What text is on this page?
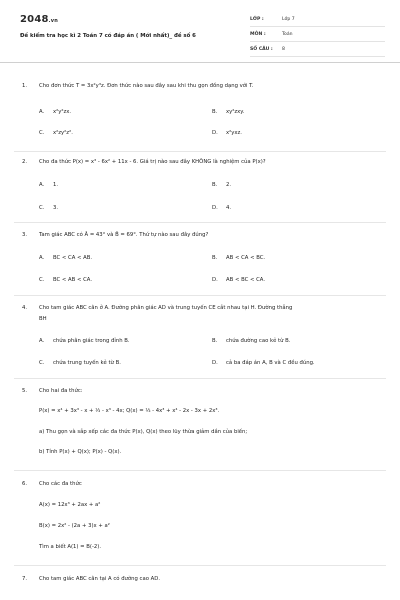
2048.vn
Đề kiểm tra học kì 2 Toán 7 có đáp án ( Mới nhất)_ đề số 6
LỚP :	Lớp 7
MÔN :	Toán
SỐ CÂU :	8
1. Cho đơn thức T = 3x²y³z. Đơn thức nào sau đây sau khi thu gọn đồng dạng với T.
A. x²y²zx.	B. xy²zxy.
C. x²zy²z².	D. x²yxz.
2. Cho đa thức P(x) = x³ - 6x² + 11x - 6. Giá trị nào sau đây KHÔNG là nghiệm của P(x)?
A. 1.	B. 2.
C. 3.	D. 4.
3. Tam giác ABC có Â = 43° và B̂ = 69°. Thứ tự nào sau đây đúng?
A. BC < CA < AB.	B. AB < CA < BC.
C. BC < AB < CA.	D. AB < BC < CA.
4. Cho tam giác ABC cân ở A. Đường phân giác AD và trung tuyến CE cắt nhau tại H. Đường thẳng
BH
A. chứa phân giác trong đỉnh B.	B. chứa đường cao kẻ từ B.
C. chứa trung tuyến kẻ từ B.	D. cả ba đáp án A, B và C đều đúng.
5. Cho hai đa thức:
P(x) = x⁴ + 3x³ - x + ⅓ - x³ - 4x; Q(x) = ⅓ - 4x³ + x⁴ - 2x - 3x + 2x³.
a) Thu gọn và sắp xếp các đa thức P(x), Q(x) theo lũy thừa giảm dần của biến;
b) Tính P(x) + Q(x); P(x) - Q(x).
6. Cho các đa thức
A(x) = 12x³ + 2ax + a²
B(x) = 2x² - (2a + 3)x + a²
Tìm a biết A(1) = B(-2).
7. Cho tam giác ABC cân tại A có đường cao AD.
